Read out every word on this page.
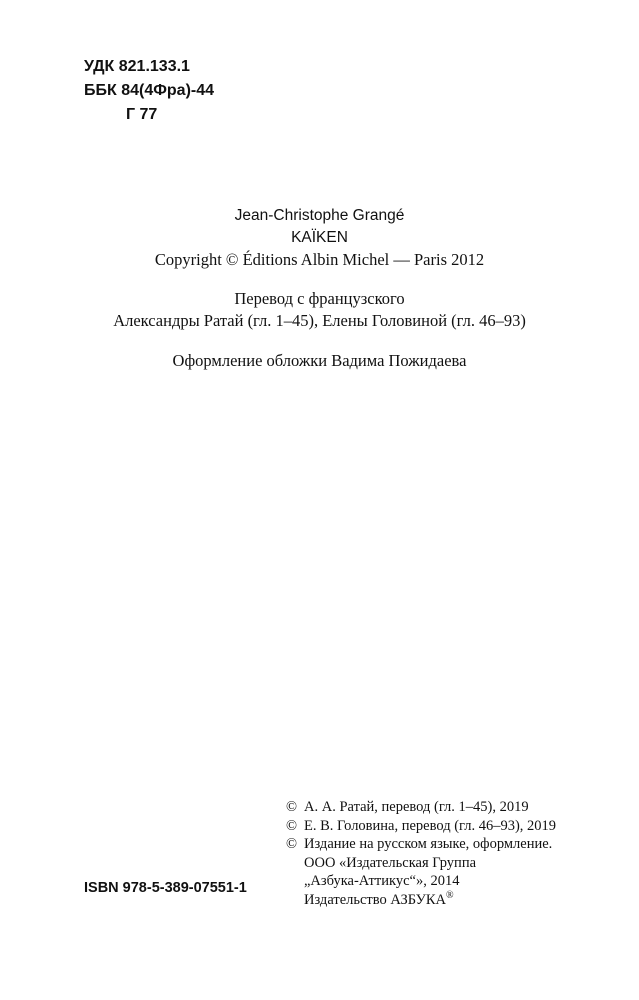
УДК 821.133.1
ББК 84(4Фра)-44
Г 77
Jean-Christophe Grangé
KAÏKEN
Copyright © Éditions Albin Michel — Paris 2012
Перевод с французского
Александры Ратай (гл. 1–45), Елены Головиной (гл. 46–93)
Оформление обложки Вадима Пожидаева
© А. А. Ратай, перевод (гл. 1–45), 2019
© Е. В. Головина, перевод (гл. 46–93), 2019
© Издание на русском языке, оформление.
ООО «Издательская Группа
„Азбука-Аттикус“», 2014
Издательство АЗБУКА®
ISBN 978-5-389-07551-1
